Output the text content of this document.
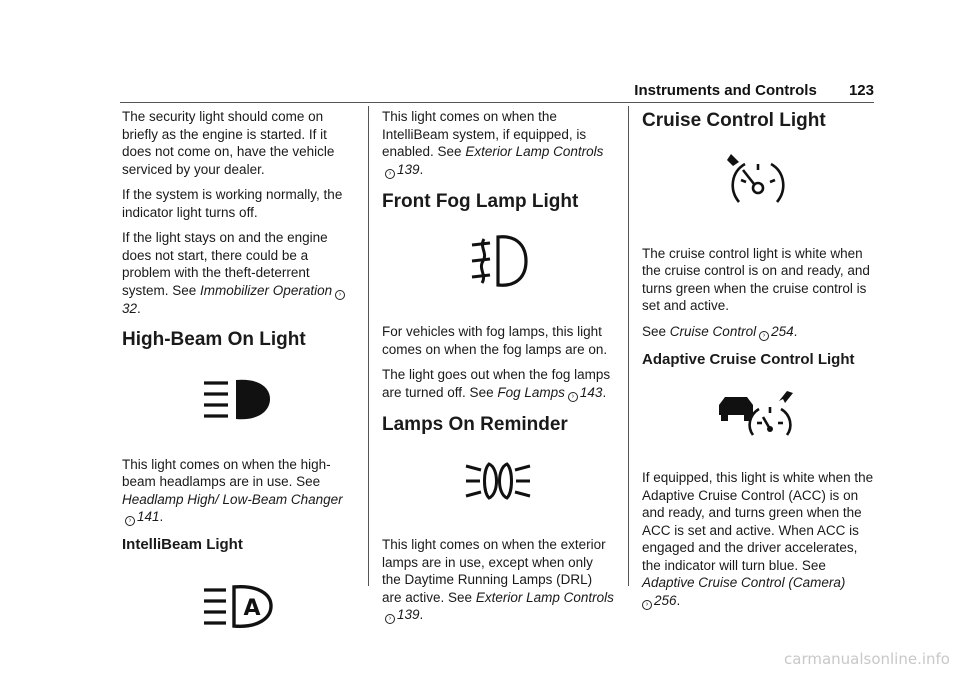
Instruments and Controls 123

The security light should come on briefly as the engine is started. If it does not come on, have the vehicle serviced by your dealer.

If the system is working normally, the indicator light turns off.

If the light stays on and the engine does not start, there could be a problem with the theft-deterrent system. See Immobilizer Operation ›32.

High-Beam On Light

This light comes on when the high-beam headlamps are in use. See Headlamp High/ Low-Beam Changer› 141.

IntelliBeam Light
A

This light comes on when the IntelliBeam system, if equipped, is enabled. See Exterior Lamp Controls› 139.

Front Fog Lamp Light

For vehicles with fog lamps, this light comes on when the fog lamps are on.

The light goes out when the fog lamps are turned off. See Fog Lamps › 143.

Lamps On Reminder

This light comes on when the exterior lamps are in use, except when only the Daytime Running Lamps (DRL) are active. See Exterior Lamp Controls› 139.

Cruise Control Light

The cruise control light is white when the cruise control is on and ready, and turns green when the cruise control is set and active.

See Cruise Control › 254.

Adaptive Cruise Control Light

If equipped, this light is white when the Adaptive Cruise Control (ACC) is on and ready, and turns green when the ACC is set and active. When ACC is engaged and the driver accelerates, the indicator will turn blue. See Adaptive Cruise Control (Camera)
› 256.

carmanualsonline.info
